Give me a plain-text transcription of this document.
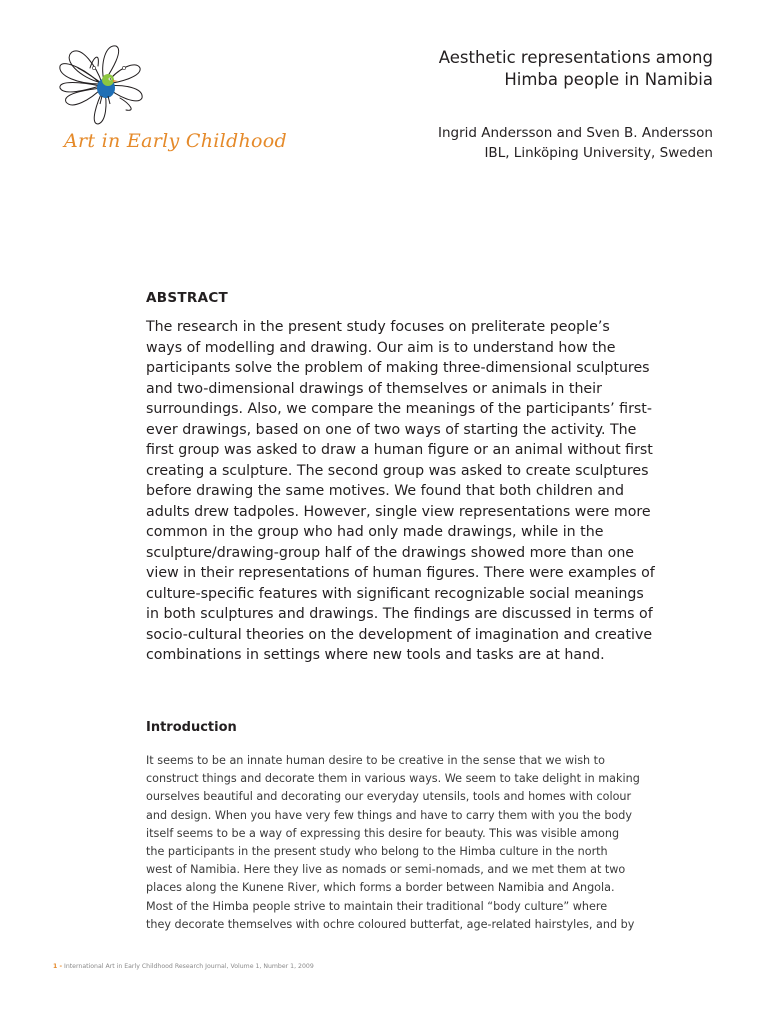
Art in Early Childhood
Aesthetic representations among
Himba people in Namibia
Ingrid Andersson and Sven B. Andersson
IBL, Linköping University, Sweden
ABSTRACT
The research in the present study focuses on preliterate people’s
ways of modelling and drawing. Our aim is to understand how the
participants solve the problem of making three-dimensional sculptures
and two-dimensional drawings of themselves or animals in their
surroundings. Also, we compare the meanings of the participants’ first-
ever drawings, based on one of two ways of starting the activity. The
first group was asked to draw a human figure or an animal without first
creating a sculpture. The second group was asked to create sculptures
before drawing the same motives. We found that both children and
adults drew tadpoles. However, single view representations were more
common in the group who had only made drawings, while in the
sculpture/drawing-group half of the drawings showed more than one
view in their representations of human figures. There were examples of
culture-specific features with significant recognizable social meanings
in both sculptures and drawings. The findings are discussed in terms of
socio-cultural theories on the development of imagination and creative
combinations in settings where new tools and tasks are at hand.
Introduction
It seems to be an innate human desire to be creative in the sense that we wish to
construct things and decorate them in various ways. We seem to take delight in making
ourselves beautiful and decorating our everyday utensils, tools and homes with colour
and design. When you have very few things and have to carry them with you the body
itself seems to be a way of expressing this desire for beauty. This was visible among
the participants in the present study who belong to the Himba culture in the north
west of Namibia. Here they live as nomads or semi-nomads, and we met them at two
places along the Kunene River, which forms a border between Namibia and Angola.
Most of the Himba people strive to maintain their traditional “body culture” where
they decorate themselves with ochre coloured butterfat, age-related hairstyles, and by
1 - International Art in Early Childhood Research Journal, Volume 1, Number 1, 2009
